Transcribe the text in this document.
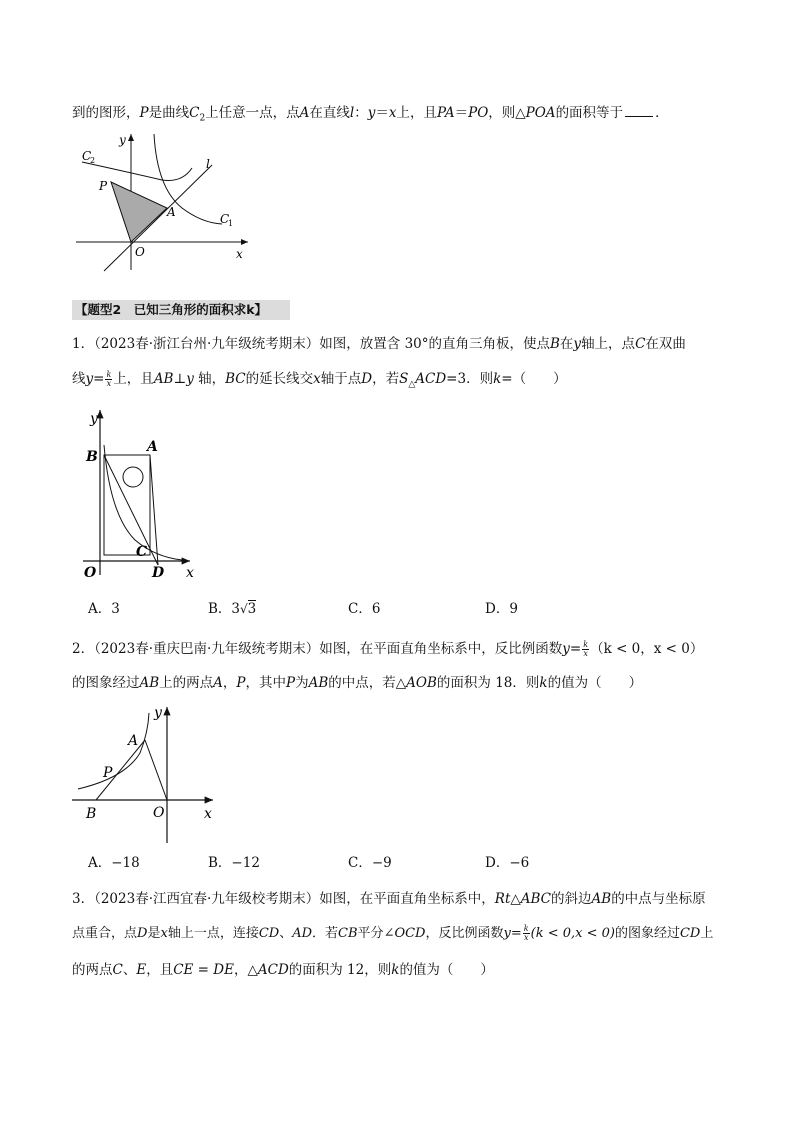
到的图形，P是曲线$C_2$上任意一点，点A在直线l：y＝x上，且PA＝PO，则△POA的面积等于 ．
C
2
C
1
y
x
l
P
A
O
【题型2　已知三角形的面积求k】
1．（2023春·浙江台州·九年级统考期末）如图，放置含 30°的直角三角板，使点B在y轴上，点C在双曲
线$y= \frac{k}{x}$ 上，且AB⊥y 轴，BC的延长线交x轴于点D，若$S_\triangle ACD=3$．则k=（　　）
y
x
B
A
C
O	D
A．3	B．3√3	C．6	D．9
2．（2023春·重庆巴南·九年级统考期末）如图，在平面直角坐标系中，反比例函数$y= \frac{k}{x} (k < 0$，x < 0）
的图象经过AB上的两点A，P，其中P为AB的中点，若△AOB的面积为 18．则k的值为（　　）
y
x
A
P
B	O
A．−18	B．−12	C．−9	D．−6
3．（2023春·江西宜春·九年级校考期末）如图，在平面直角坐标系中，Rt△ABC的斜边AB的中点与坐标原
点重合，点D是x轴上一点，连接CD、AD．若CB平分∠OCD，反比例函数$y= \frac{k}{x} (k < 0,x < 0)$的图象经过CD上
的两点C、E，且CE = DE，△ACD的面积为 12，则k的值为（　　）
